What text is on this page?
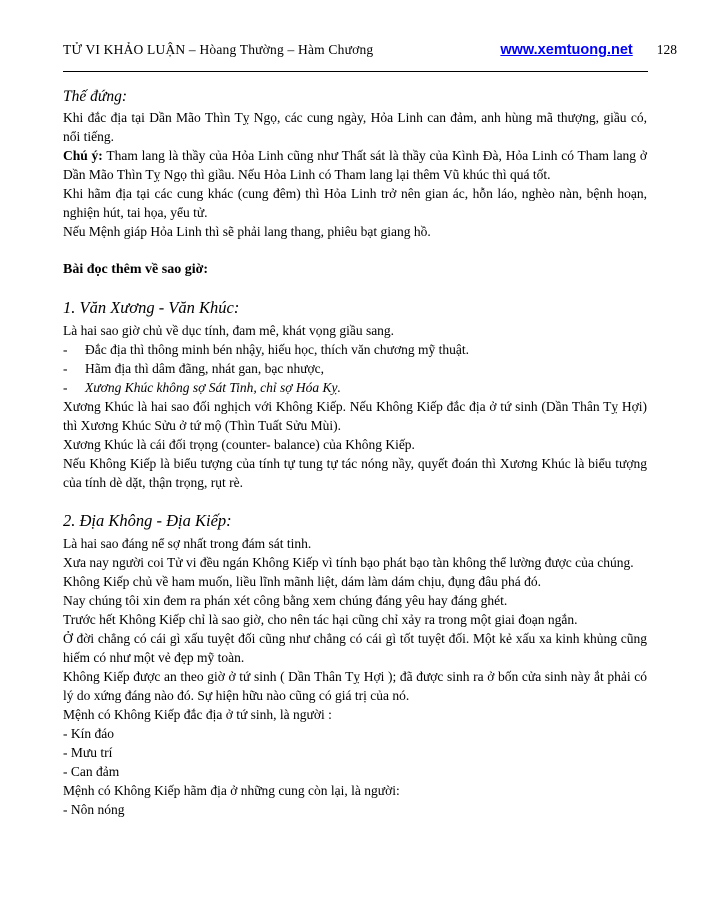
TỬ VI KHẢO LUẬN – Hòang Thường – Hàm Chương	www.xemtuong.net 128
Thế đứng:
Khi đắc địa tại Dần Mão Thìn Tỵ Ngọ, các cung ngày, Hỏa Linh can đảm, anh hùng mã thượng, giầu có, nổi tiếng.
Chú ý: Tham lang là thầy của Hỏa Linh cũng như Thất sát là thầy của Kình Đà, Hỏa Linh có Tham lang ở Dần Mão Thìn Tỵ Ngọ thì giầu. Nếu Hỏa Linh có Tham lang lại thêm Vũ khúc thì quá tốt.
Khi hãm địa tại các cung khác (cung đêm) thì Hỏa Linh trở nên gian ác, hỗn láo, nghèo nàn, bệnh hoạn, nghiện hút, tai họa, yểu tử.
Nếu Mệnh giáp Hỏa Linh thì sẽ phải lang thang, phiêu bạt giang hồ.
Bài đọc thêm về sao giờ:
1. Văn Xương - Văn Khúc:
Là hai sao giờ chủ về dục tính, đam mê, khát vọng giầu sang.
-	Đắc địa thì thông minh bén nhậy, hiếu học, thích văn chương mỹ thuật.
-	Hãm địa thì dâm đãng, nhát gan, bạc nhược,
-	Xương Khúc không sợ Sát Tinh, chỉ sợ Hóa Kỵ.
Xương Khúc là hai sao đối nghịch với Không Kiếp. Nếu Không Kiếp đắc địa ở tứ sinh (Dần Thân Tỵ Hợi) thì Xương Khúc Sửu ở tứ mộ (Thìn Tuất Sửu Mùi).
Xương Khúc là cái đối trọng (counter- balance) của Không Kiếp.
Nếu Không Kiếp là biểu tượng của tính tự tung tự tác nóng nầy, quyết đoán thì Xương Khúc là biểu tượng của tính dè dặt, thận trọng, rụt rè.
2. Địa Không - Địa Kiếp:
Là hai sao đáng nể sợ nhất trong đám sát tinh.
Xưa nay người coi Tử vi đều ngán Không Kiếp vì tính bạo phát bạo tàn không thể lường được của chúng.
Không Kiếp chủ về ham muốn, liều lĩnh mãnh liệt, dám làm dám chịu, đụng đâu phá đó.
Nay chúng tôi xin đem ra phán xét công bằng xem chúng đáng yêu hay đáng ghét.
Trước hết Không Kiếp chỉ là sao giờ, cho nên tác hại cũng chỉ xảy ra trong một giai đoạn ngắn.
Ở đời chẳng có cái gì xấu tuyệt đối cũng như chẳng có cái gì tốt tuyệt đối. Một kẻ xấu xa kinh khủng cũng hiếm có như một vẻ đẹp mỹ toàn.
Không Kiếp được an theo giờ ở tứ sinh ( Dần Thân Tỵ Hợi ); đã được sinh ra ở bốn cửa sinh này ắt phải có lý do xứng đáng nào đó. Sự hiện hữu nào cũng có giá trị của nó.
Mệnh có Không Kiếp đắc địa ở tứ sinh, là người :
- Kín đáo
- Mưu trí
- Can đảm
Mệnh có Không Kiếp hãm địa ở những cung còn lại, là người:
- Nôn nóng
